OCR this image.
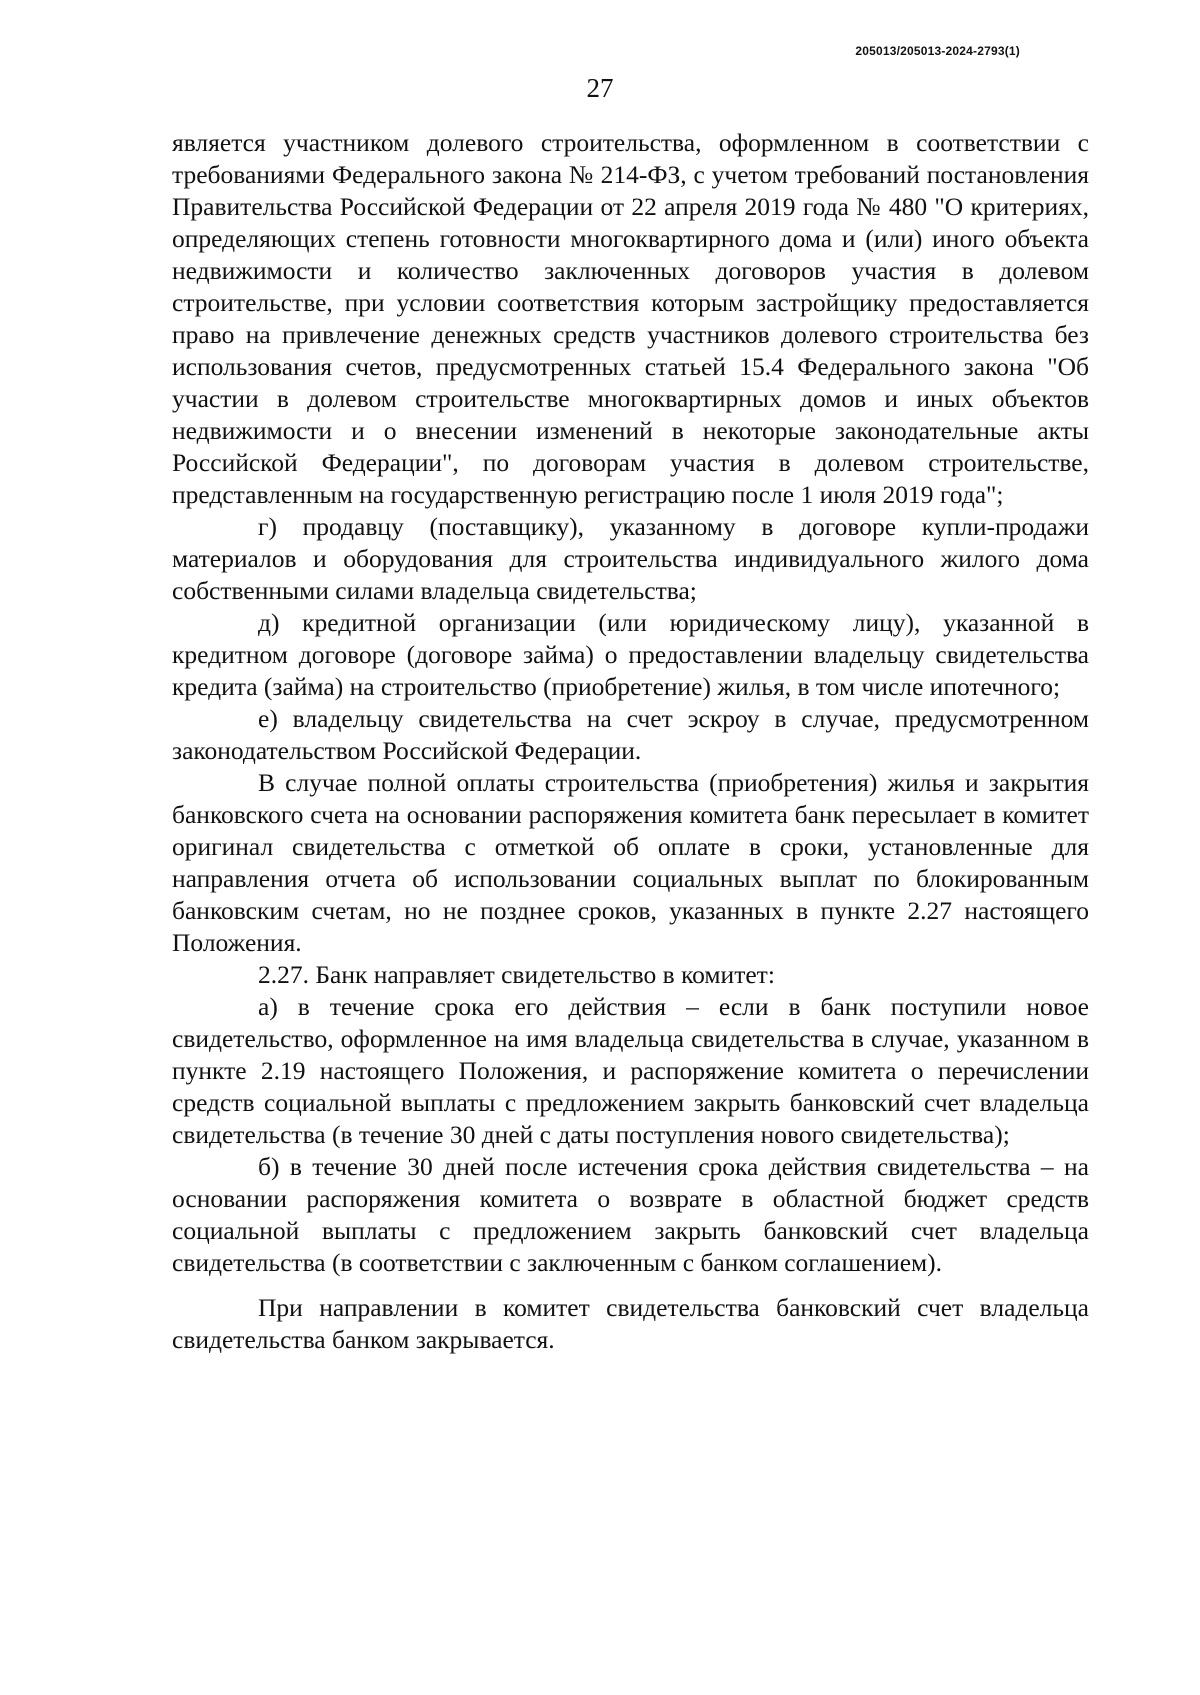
205013/205013-2024-2793(1)
27

является участником долевого строительства, оформленном в соответствии с требованиями Федерального закона № 214-ФЗ, с учетом требований постановления Правительства Российской Федерации от 22 апреля 2019 года № 480 "О критериях, определяющих степень готовности многоквартирного дома и (или) иного объекта недвижимости и количество заключенных договоров участия в долевом строительстве, при условии соответствия которым застройщику предоставляется право на привлечение денежных средств участников долевого строительства без использования счетов, предусмотренных статьей 15.4 Федерального закона "Об участии в долевом строительстве многоквартирных домов и иных объектов недвижимости и о внесении изменений в некоторые законодательные акты Российской Федерации", по договорам участия в долевом строительстве, представленным на государственную регистрацию после 1 июля 2019 года";

г) продавцу (поставщику), указанному в договоре купли-продажи материалов и оборудования для строительства индивидуального жилого дома собственными силами владельца свидетельства;

д) кредитной организации (или юридическому лицу), указанной в кредитном договоре (договоре займа) о предоставлении владельцу свидетельства кредита (займа) на строительство (приобретение) жилья, в том числе ипотечного;

е) владельцу свидетельства на счет эскроу в случае, предусмотренном законодательством Российской Федерации.

В случае полной оплаты строительства (приобретения) жилья и закрытия банковского счета на основании распоряжения комитета банк пересылает в комитет оригинал свидетельства с отметкой об оплате в сроки, установленные для направления отчета об использовании социальных выплат по блокированным банковским счетам, но не позднее сроков, указанных в пункте 2.27 настоящего Положения.

2.27. Банк направляет свидетельство в комитет:

а) в течение срока его действия – если в банк поступили новое свидетельство, оформленное на имя владельца свидетельства в случае, указанном в пункте 2.19 настоящего Положения, и распоряжение комитета о перечислении средств социальной выплаты с предложением закрыть банковский счет владельца свидетельства (в течение 30 дней с даты поступления нового свидетельства);

б) в течение 30 дней после истечения срока действия свидетельства – на основании распоряжения комитета о возврате в областной бюджет средств социальной выплаты с предложением закрыть банковский счет владельца свидетельства (в соответствии с заключенным с банком соглашением).

При направлении в комитет свидетельства банковский счет владельца свидетельства банком закрывается.
